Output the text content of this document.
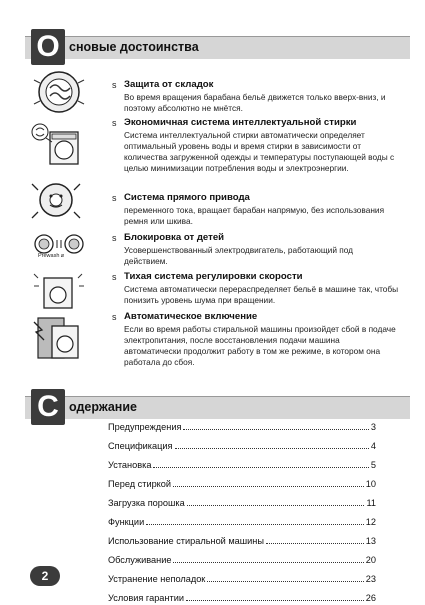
О сновые достоинства
Prewash ⌀
s Защита от складок
Во время вращения барабана бельё движется только вверх-вниз, и поэтому абсолютно не мнётся.
s Экономичная система интеллектуальной стирки
Система интеллектуальной стирки автоматически определяет оптимальный уровень воды и время стирки в зависимости от количества загруженной одежды и температуры поступающей воды с целью минимизации потребления воды и электроэнергии.
s Система прямого привода
переменного тока, вращает барабан напрямую, без использования ремня или шкива.
s Блокировка от детей
Усовершенствованный электродвигатель, работающий под действием.
s Тихая система регулировки скорости
Система автоматически перераспределяет бельё в машине так, чтобы понизить уровень шума при вращении.
s Автоматическое включение
Если во время работы стиральной машины произойдет сбой в подаче электропитания, после восстановления подачи машина автоматически продолжит работу в том же режиме, в котором она работала до сбоя.
С одержание
Предупреждения	3
Спецификация	4
Установка	5
Перед стиркой	10
Загрузка порошка	11
Функции	12
Использование стиральной машины	13
Обслуживание	20
Устранение неполадок	23
Условия гарантии	26
2
